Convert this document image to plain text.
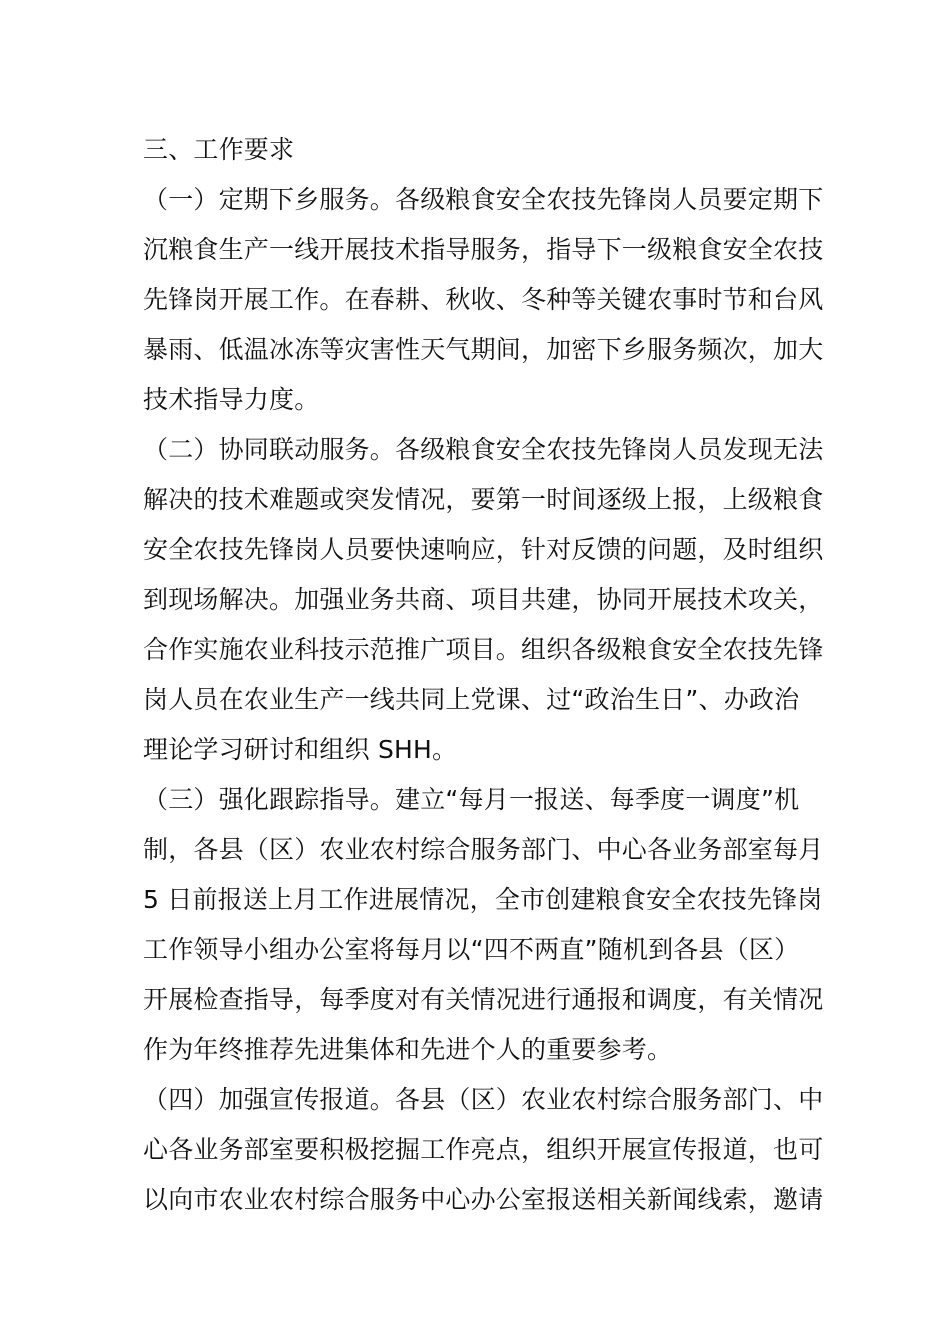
三、工作要求
（一）定期下乡服务。各级粮食安全农技先锋岗人员要定期下
沉粮食生产一线开展技术指导服务，指导下一级粮食安全农技
先锋岗开展工作。在春耕、秋收、冬种等关键农事时节和台风
暴雨、低温冰冻等灾害性天气期间，加密下乡服务频次，加大
技术指导力度。
（二）协同联动服务。各级粮食安全农技先锋岗人员发现无法
解决的技术难题或突发情况，要第一时间逐级上报，上级粮食
安全农技先锋岗人员要快速响应，针对反馈的问题，及时组织
到现场解决。加强业务共商、项目共建，协同开展技术攻关，
合作实施农业科技示范推广项目。组织各级粮食安全农技先锋
岗人员在农业生产一线共同上党课、过“政治生日”、办政治
理论学习研讨和组织 SHH。
（三）强化跟踪指导。建立“每月一报送、每季度一调度”机
制，各县（区）农业农村综合服务部门、中心各业务部室每月
5 日前报送上月工作进展情况，全市创建粮食安全农技先锋岗
工作领导小组办公室将每月以“四不两直”随机到各县（区）
开展检查指导，每季度对有关情况进行通报和调度，有关情况
作为年终推荐先进集体和先进个人的重要参考。
（四）加强宣传报道。各县（区）农业农村综合服务部门、中
心各业务部室要积极挖掘工作亮点，组织开展宣传报道，也可
以向市农业农村综合服务中心办公室报送相关新闻线索，邀请
